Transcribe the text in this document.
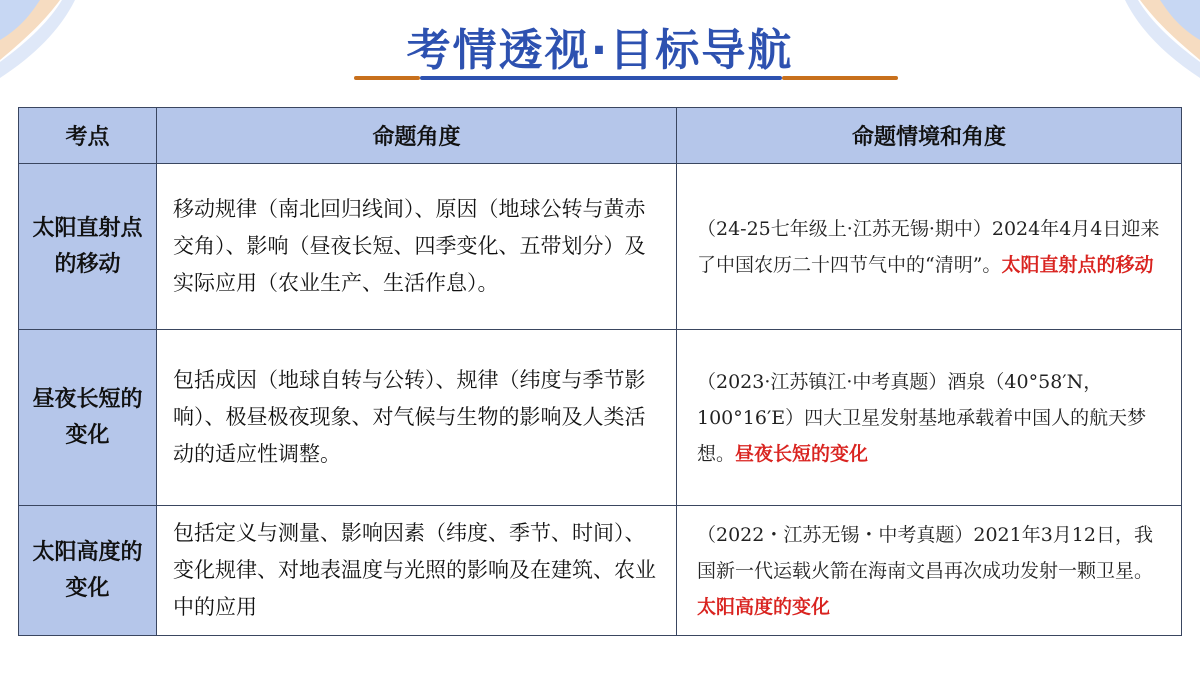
考情透视·目标导航
考点	命题角度	命题情境和角度
太阳直射点的移动	移动规律（南北回归线间）、原因（地球公转与黄赤交角）、影响（昼夜长短、四季变化、五带划分）及实际应用（农业生产、生活作息）。	（24-25七年级上·江苏无锡·期中）2024年4月4日迎来了中国农历二十四节气中的“清明”。太阳直射点的移动
昼夜长短的变化	包括成因（地球自转与公转）、规律（纬度与季节影响）、极昼极夜现象、对气候与生物的影响及人类活动的适应性调整。	（2023·江苏镇江·中考真题）酒泉（40°58′N，100°16′E）四大卫星发射基地承载着中国人的航天梦想。昼夜长短的变化
太阳高度的变化	包括定义与测量、影响因素（纬度、季节、时间）、变化规律、对地表温度与光照的影响及在建筑、农业中的应用	（2022・江苏无锡・中考真题）2021年3月12日，我国新一代运载火箭在海南文昌再次成功发射一颗卫星。太阳高度的变化
